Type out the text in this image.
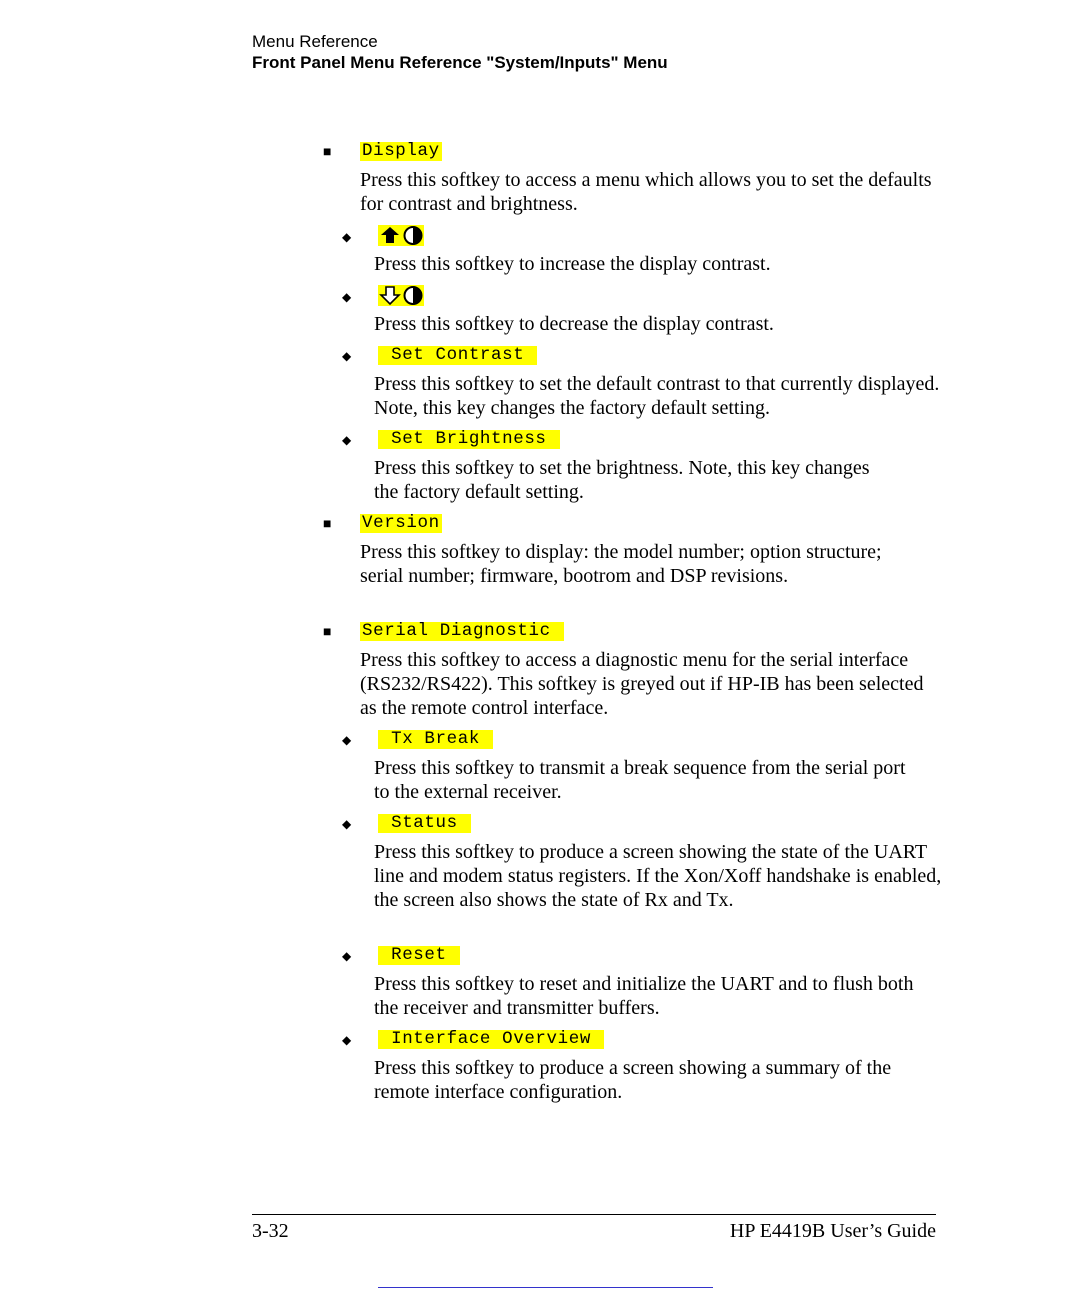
Menu Reference
Front Panel Menu Reference "System/Inputs" Menu
■ Display
Press this softkey to access a menu which allows you to set the defaults for contrast and brightness.
◆
Press this softkey to increase the display contrast.
◆
Press this softkey to decrease the display contrast.
◆ Set Contrast
Press this softkey to set the default contrast to that currently displayed. Note, this key changes the factory default setting.
◆ Set Brightness
Press this softkey to set the brightness. Note, this key changes the factory default setting.
■ Version
Press this softkey to display: the model number; option structure; serial number; firmware, bootrom and DSP revisions.
■ Serial Diagnostic
Press this softkey to access a diagnostic menu for the serial interface (RS232/RS422). This softkey is greyed out if HP-IB has been selected as the remote control interface.
◆ Tx Break
Press this softkey to transmit a break sequence from the serial port to the external receiver.
◆ Status
Press this softkey to produce a screen showing the state of the UART line and modem status registers. If the Xon/Xoff handshake is enabled, the screen also shows the state of Rx and Tx.
◆ Reset
Press this softkey to reset and initialize the UART and to flush both the receiver and transmitter buffers.
◆ Interface Overview
Press this softkey to produce a screen showing a summary of the remote interface configuration.
3-32	HP E4419B User’s Guide
